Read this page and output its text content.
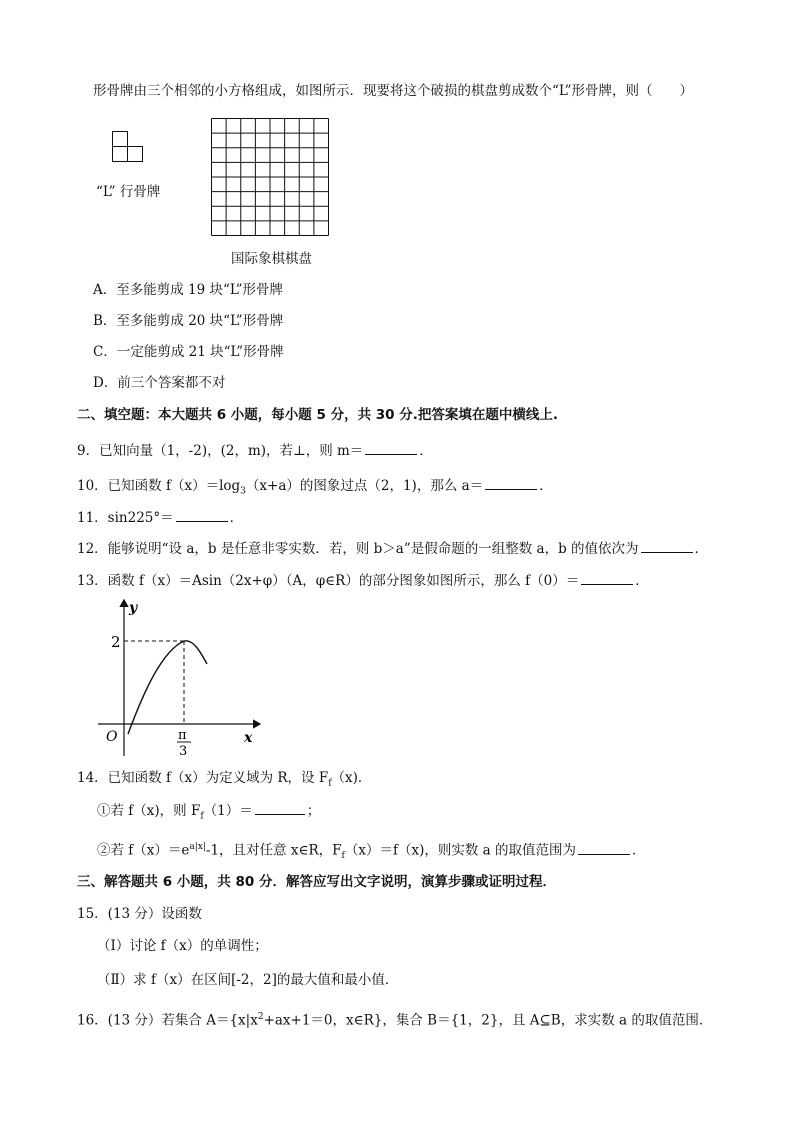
形骨牌由三个相邻的小方格组成，如图所示．现要将这个破损的棋盘剪成数个“L”形骨牌，则（　　）
“L” 行骨牌
国际象棋棋盘
A．至多能剪成 19 块“L”形骨牌
B．至多能剪成 20 块“L”形骨牌
C．一定能剪成 21 块“L”形骨牌
D．前三个答案都不对
二、填空题：本大题共 6 小题，每小题 5 分，共 30 分.把答案填在题中横线上.
9．已知向量（1，-2)，(2，m)，若⊥，则 m＝	．
10．已知函数 $f(x)=\log_3(x+a)$的图象过点（2，1)，那么 a＝	．
11．sin225°＝	．
12．能够说明“设 a，b 是任意非零实数．若，则 b＞a”是假命题的一组整数 a，b 的值依次为	．
13．函数 f（x）＝Asin（2x+φ）（A，φ∈R）的部分图象如图所示，那么 f（0）＝	．
y
x
O
2
π
3
14．已知函数 f（x）为定义域为 R，设 $F_f(x)$．
①若 f（x)，则 $F_f(1)=$	；
②若 $f(x)=e^{a|x|}-1$，且对任意 x∈R，$F_f(x)=f(x)$，则实数 a 的取值范围为	．
三、解答题共 6 小题，共 80 分．解答应写出文字说明，演算步骤或证明过程．
15．(13 分）设函数
（Ⅰ）讨论 f（x）的单调性；
（Ⅱ）求 f（x）在区间[-2，2]的最大值和最小值．
16．(13 分）若集合 $A=\{x|x^2+ax+1=0$，x∈R}，集合 B＝{1，2}，且 A⊆B，求实数 a 的取值范围．
